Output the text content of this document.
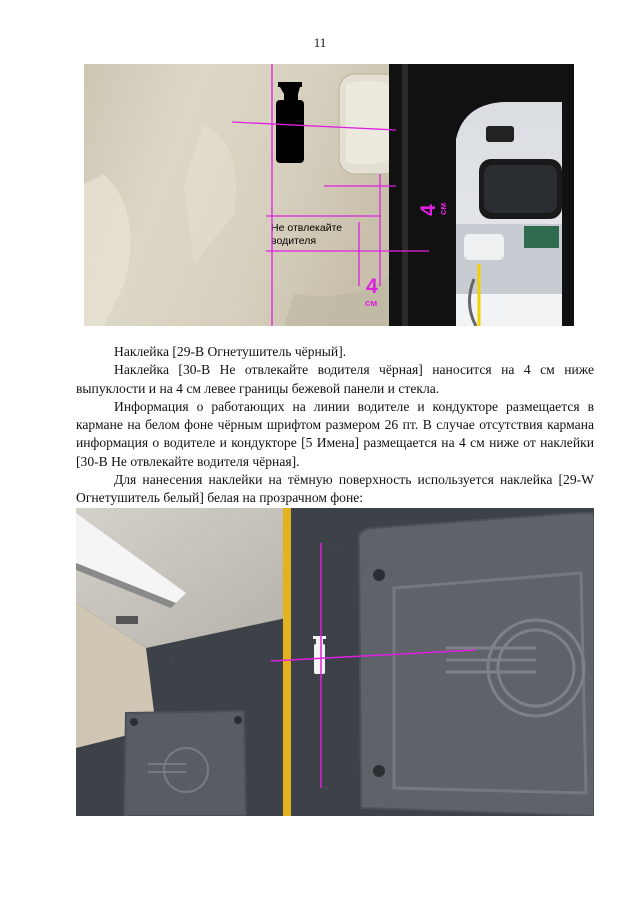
11
Не отвлекайте
водителя
4
см
4
см

Наклейка [29-B Огнетушитель чёрный].

Наклейка [30-B Не отвлекайте водителя чёрная] наносится на 4 см ниже выпуклости и на 4 см левее границы бежевой панели и стекла.

Информация о работающих на линии водителе и кондукторе размещается в кармане на белом фоне чёрным шрифтом размером 26 пт. В случае отсутствия кармана информация о водителе и кондукторе [5 Имена] размещается на 4 см ниже от наклейки [30-B Не отвлекайте водителя чёрная].

Для нанесения наклейки на тёмную поверхность используется наклейка [29-W Огнетушитель белый] белая на прозрачном фоне:
